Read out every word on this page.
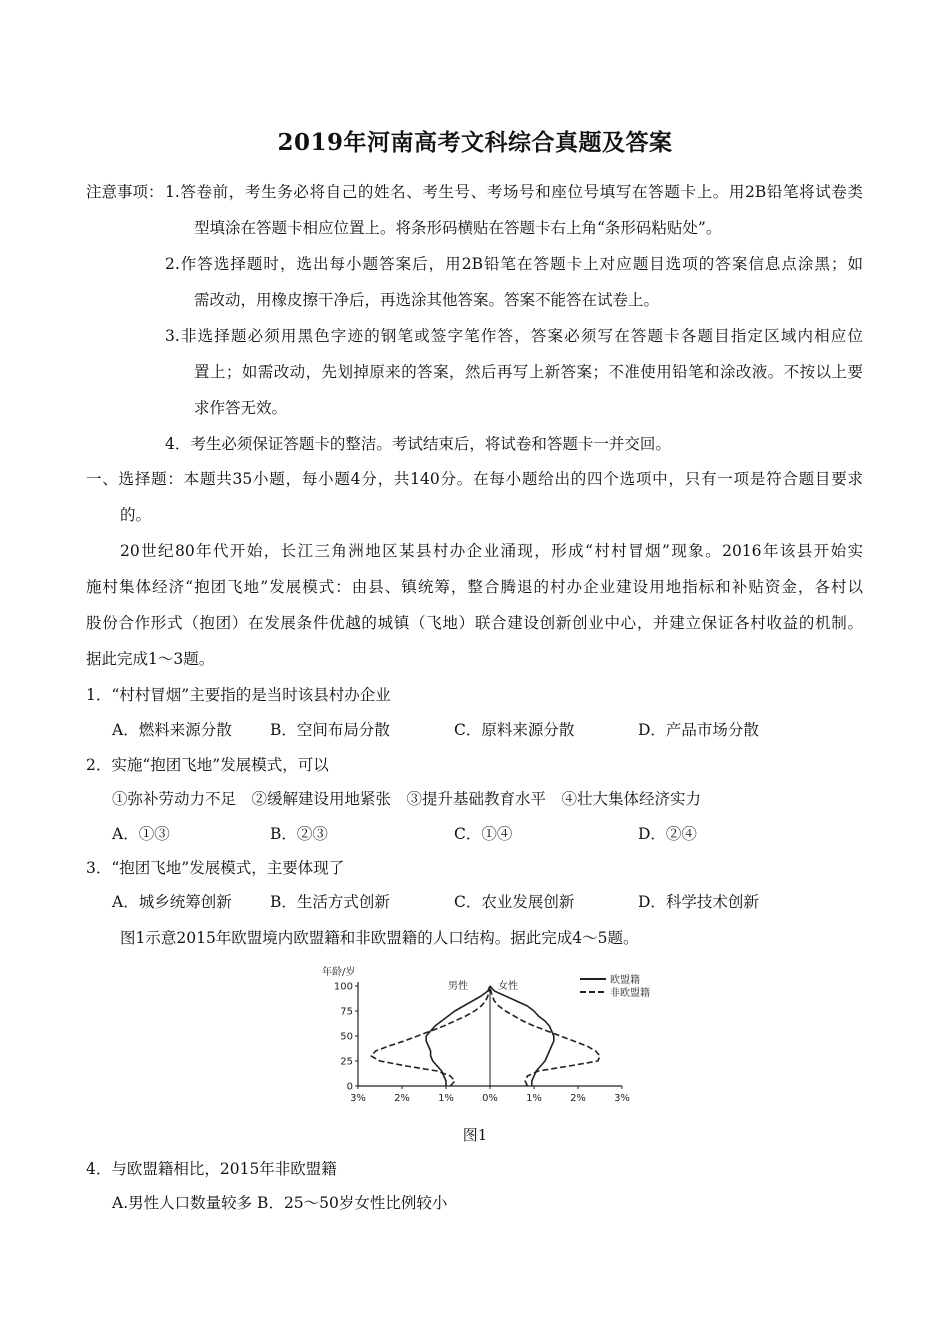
2019年河南高考文科综合真题及答案
注意事项： 1.答卷前，考生务必将自己的姓名、考生号、考场号和座位号填写在答题卡上。用2B铅笔将试卷类
型填涂在答题卡相应位置上。将条形码横贴在答题卡右上角“条形码粘贴处”。
2.作答选择题时，选出每小题答案后，用2B铅笔在答题卡上对应题目选项的答案信息点涂黑；如
需改动，用橡皮擦干净后，再选涂其他答案。答案不能答在试卷上。
3.非选择题必须用黑色字迹的钢笔或签字笔作答，答案必须写在答题卡各题目指定区域内相应位
置上；如需改动，先划掉原来的答案，然后再写上新答案；不准使用铅笔和涂改液。不按以上要
求作答无效。
4．考生必须保证答题卡的整洁。考试结束后，将试卷和答题卡一并交回。
一、选择题：本题共35小题，每小题4分，共140分。在每小题给出的四个选项中，只有一项是符合题目要求
的。
20世纪80年代开始，长江三角洲地区某县村办企业涌现，形成“村村冒烟”现象。2016年该县开始实
施村集体经济“抱团飞地”发展模式：由县、镇统筹，整合腾退的村办企业建设用地指标和补贴资金，各村以
股份合作形式（抱团）在发展条件优越的城镇（飞地）联合建设创新创业中心，并建立保证各村收益的机制。
据此完成1～3题。
1．“村村冒烟”主要指的是当时该县村办企业
A．燃料来源分散 B．空间布局分散	C．原料来源分散	D．产品市场分散
2．实施“抱团飞地”发展模式，可以
①弥补劳动力不足　②缓解建设用地紧张　③提升基础教育水平　④壮大集体经济实力
A．①③	B．②③	C．①④	D．②④
3．“抱团飞地”发展模式，主要体现了
A．城乡统筹创新 B．生活方式创新	C．农业发展创新	D．科学技术创新
图1示意2015年欧盟境内欧盟籍和非欧盟籍的人口结构。据此完成4～5题。
年龄/岁
男性	女性
欧盟籍
非欧盟籍
0
25
50
75
100
3%	2%	1%	0%	1%	2%	3%
图1
4．与欧盟籍相比，2015年非欧盟籍
A.男性人口数量较多 B．25～50岁女性比例较小
